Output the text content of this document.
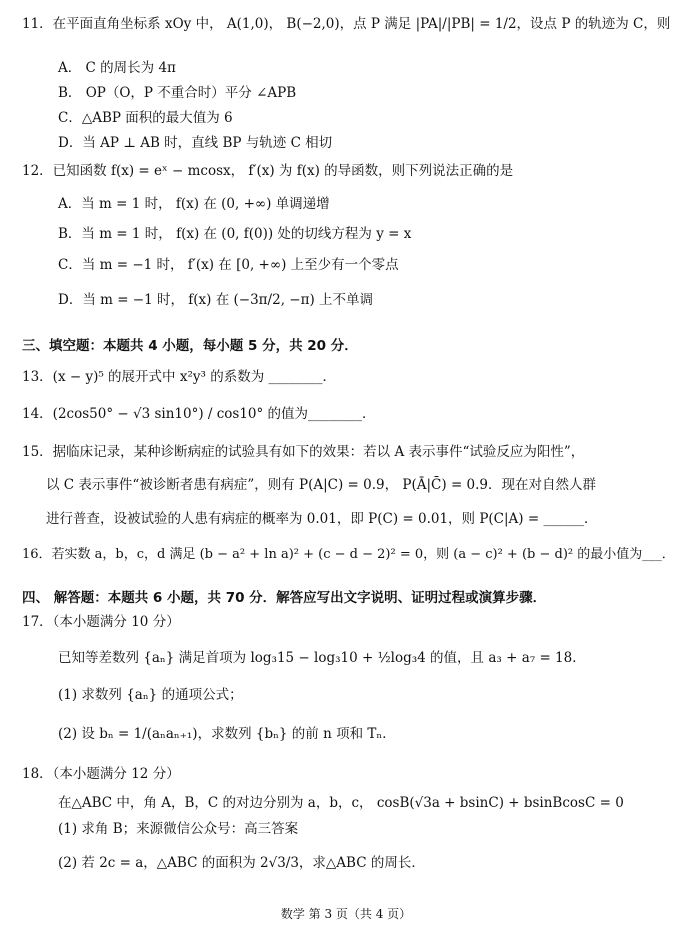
11．在平面直角坐标系 xOy 中， A(1,0)， B(−2,0)，点 P 满足 |PA|/|PB| = 1/2，设点 P 的轨迹为 C，则
A． C 的周长为 4π
B． OP（O，P 不重合时）平分 ∠APB
C．△ABP 面积的最大值为 6
D．当 AP ⊥ AB 时，直线 BP 与轨迹 C 相切
12．已知函数 f(x) = eˣ − mcosx， f′(x) 为 f(x) 的导函数，则下列说法正确的是
A．当 m = 1 时， f(x) 在 (0, +∞) 单调递增
B．当 m = 1 时， f(x) 在 (0, f(0)) 处的切线方程为 y = x
C．当 m = −1 时， f′(x) 在 [0, +∞) 上至少有一个零点
D．当 m = −1 时， f(x) 在 (−3π/2, −π) 上不单调
三、填空题：本题共 4 小题，每小题 5 分，共 20 分．
13．(x − y)⁵ 的展开式中 x²y³ 的系数为 ________．
14．(2cos50° − √3 sin10°) / cos10° 的值为________．
15．据临床记录，某种诊断病症的试验具有如下的效果：若以 A 表示事件“试验反应为阳性”，
以 C 表示事件“被诊断者患有病症”，则有 P(A|C) = 0.9， P(Ā|C̄) = 0.9．现在对自然人群
进行普查，设被试验的人患有病症的概率为 0.01，即 P(C) = 0.01，则 P(C|A) = ______．
16．若实数 a，b，c，d 满足 (b − a² + ln a)² + (c − d − 2)² = 0，则 (a − c)² + (b − d)² 的最小值为___．
四、 解答题：本题共 6 小题，共 70 分．解答应写出文字说明、证明过程或演算步骤．
17．（本小题满分 10 分）
已知等差数列 {aₙ} 满足首项为 log₃15 − log₃10 + ½log₃4 的值，且 a₃ + a₇ = 18．
(1) 求数列 {aₙ} 的通项公式；
(2) 设 bₙ = 1/(aₙaₙ₊₁)，求数列 {bₙ} 的前 n 项和 Tₙ．
18．（本小题满分 12 分）
在△ABC 中，角 A，B，C 的对边分别为 a，b，c， cosB(√3a + bsinC) + bsinBcosC = 0
(1) 求角 B；来源微信公众号：高三答案
(2) 若 2c = a，△ABC 的面积为 2√3/3，求△ABC 的周长．
数学 第 3 页（共 4 页）
